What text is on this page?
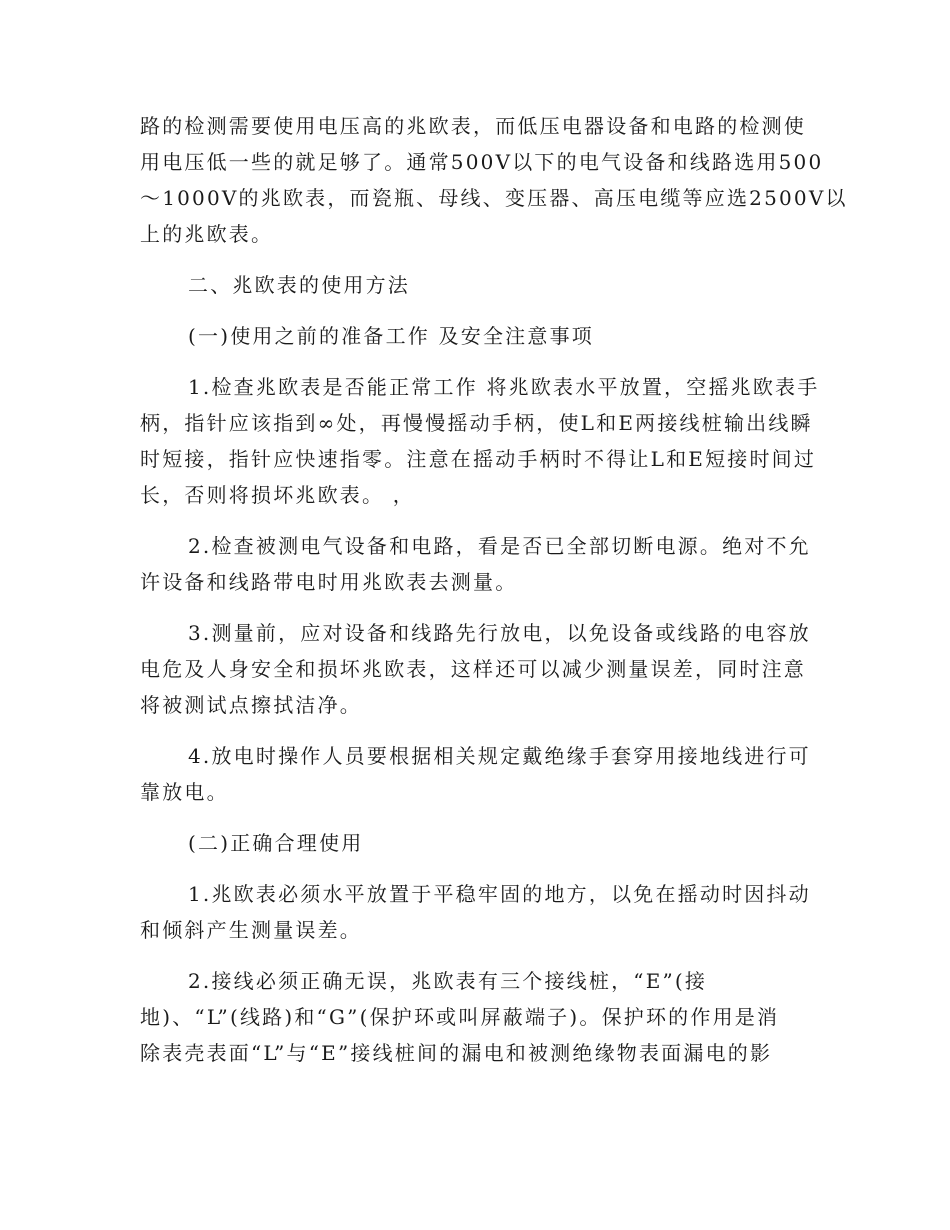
路的检测需要使用电压高的兆欧表，而低压电器设备和电路的检测使
用电压低一些的就足够了。通常500V以下的电气设备和线路选用500
～1000V的兆欧表，而瓷瓶、母线、变压器、高压电缆等应选2500V以
上的兆欧表。
二、兆欧表的使用方法
(一)使用之前的准备工作 及安全注意事项
1.检查兆欧表是否能正常工作 将兆欧表水平放置，空摇兆欧表手
柄，指针应该指到∞处，再慢慢摇动手柄，使L和E两接线桩输出线瞬
时短接，指针应快速指零。注意在摇动手柄时不得让L和E短接时间过
长，否则将损坏兆欧表。 ，
2.检查被测电气设备和电路，看是否已全部切断电源。绝对不允
许设备和线路带电时用兆欧表去测量。
3.测量前，应对设备和线路先行放电，以免设备或线路的电容放
电危及人身安全和损坏兆欧表，这样还可以减少测量误差，同时注意
将被测试点擦拭洁净。
4.放电时操作人员要根据相关规定戴绝缘手套穿用接地线进行可
靠放电。
(二)正确合理使用
1.兆欧表必须水平放置于平稳牢固的地方，以免在摇动时因抖动
和倾斜产生测量误差。
2.接线必须正确无误，兆欧表有三个接线桩，“E”(接
地)、“L”(线路)和“G”(保护环或叫屏蔽端子)。保护环的作用是消
除表壳表面“L”与“E”接线桩间的漏电和被测绝缘物表面漏电的影
